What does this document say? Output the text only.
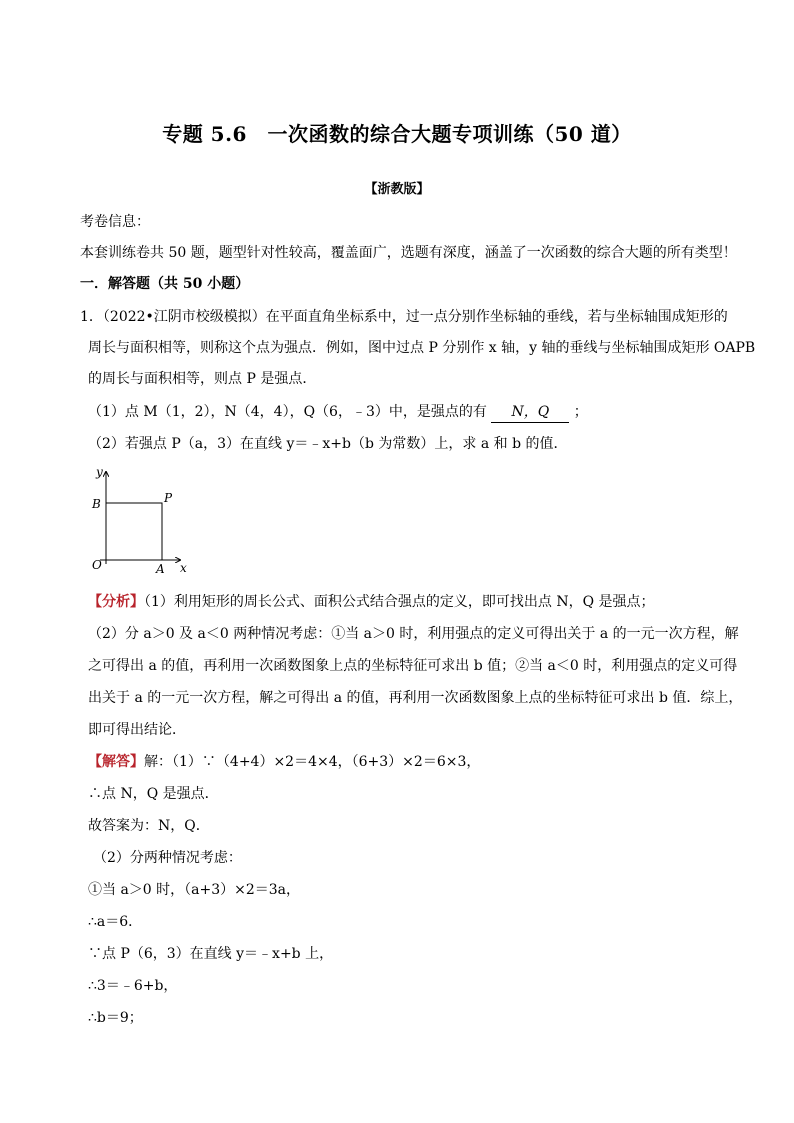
专题 5.6　一次函数的综合大题专项训练（50 道）
【浙教版】
考卷信息：
本套训练卷共 50 题，题型针对性较高，覆盖面广，选题有深度，涵盖了一次函数的综合大题的所有类型！
一．解答题（共 50 小题）
1．（2022•江阴市校级模拟）在平面直角坐标系中，过一点分别作坐标轴的垂线，若与坐标轴围成矩形的
周长与面积相等，则称这个点为强点．例如，图中过点 P 分别作 x 轴，y 轴的垂线与坐标轴围成矩形 OAPB
的周长与面积相等，则点 P 是强点．
（1）点 M（1，2），N（4，4），Q（6，﹣3）中，是强点的有 N，Q ；
（2）若强点 P（a，3）在直线 y＝﹣x+b（b 为常数）上，求 a 和 b 的值．
y
x
B	P
O	A
【分析】（1）利用矩形的周长公式、面积公式结合强点的定义，即可找出点 N，Q 是强点；
（2）分 a＞0 及 a＜0 两种情况考虑：①当 a＞0 时，利用强点的定义可得出关于 a 的一元一次方程，解
之可得出 a 的值，再利用一次函数图象上点的坐标特征可求出 b 值；②当 a＜0 时，利用强点的定义可得
出关于 a 的一元一次方程，解之可得出 a 的值，再利用一次函数图象上点的坐标特征可求出 b 值．综上，
即可得出结论．
【解答】解：（1）∵（4+4）×2＝4×4，（6+3）×2＝6×3，
∴点 N，Q 是强点．
故答案为：N，Q．
（2）分两种情况考虑：
①当 a＞0 时，（a+3）×2＝3a，
∴a＝6．
∵点 P（6，3）在直线 y＝﹣x+b 上，
∴3＝﹣6+b，
∴b＝9；
